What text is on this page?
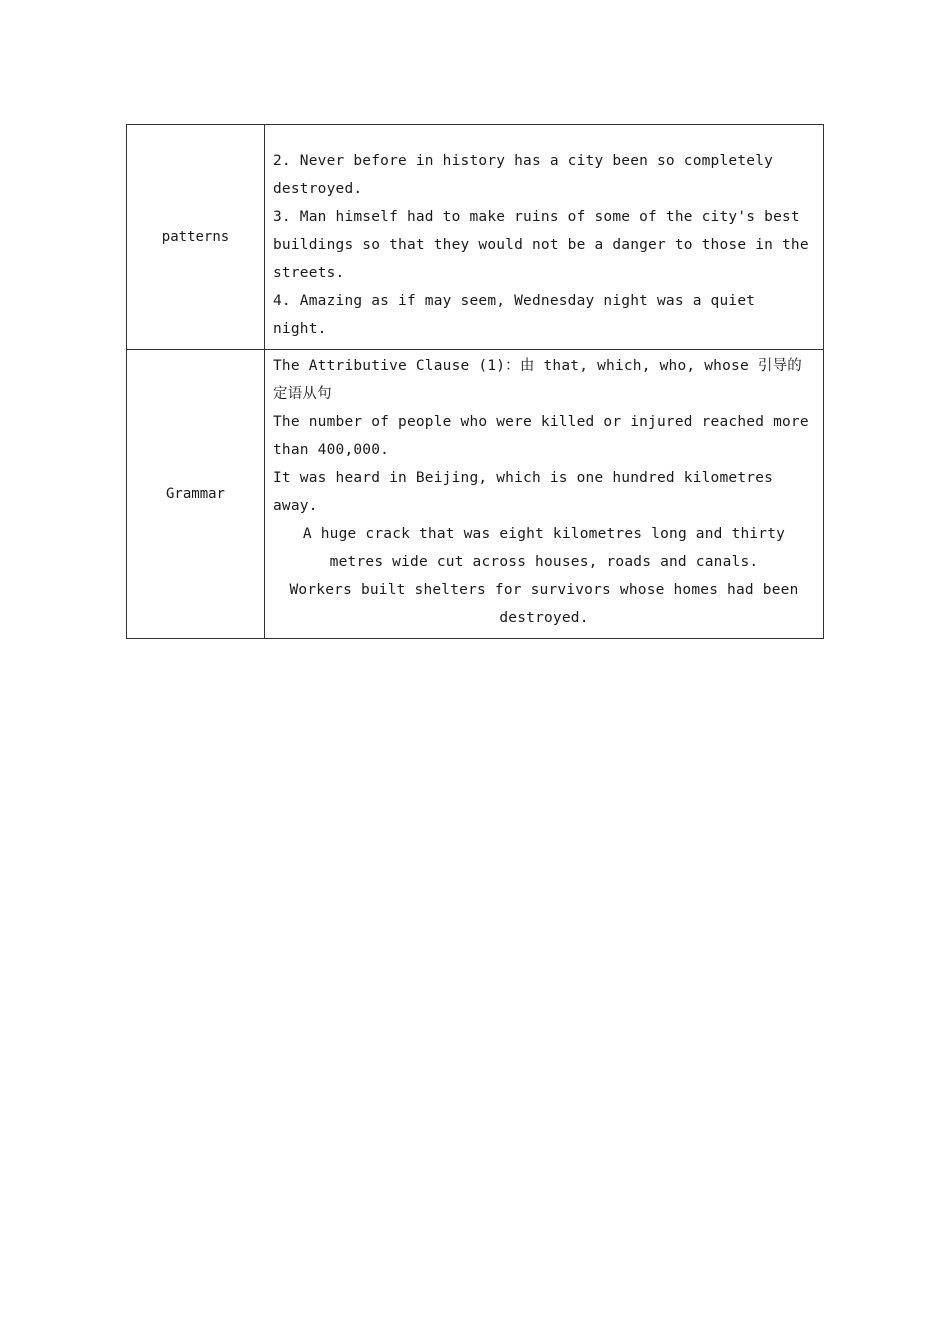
patterns	2. Never before in history has a city been so completely destroyed.
3. Man himself had to make ruins of some of the city's best buildings so that they would not be a danger to those in the streets.
4. Amazing as if may seem, Wednesday night was a quiet night.

Grammar	The Attributive Clause (1)：由 that, which, who, whose 引导的定语从句
The number of people who were killed or injured reached more than 400,000.
It was heard in Beijing, which is one hundred kilometres away.
A huge crack that was eight kilometres long and thirty metres wide cut across houses, roads and canals.
Workers built shelters for survivors whose homes had been destroyed.
